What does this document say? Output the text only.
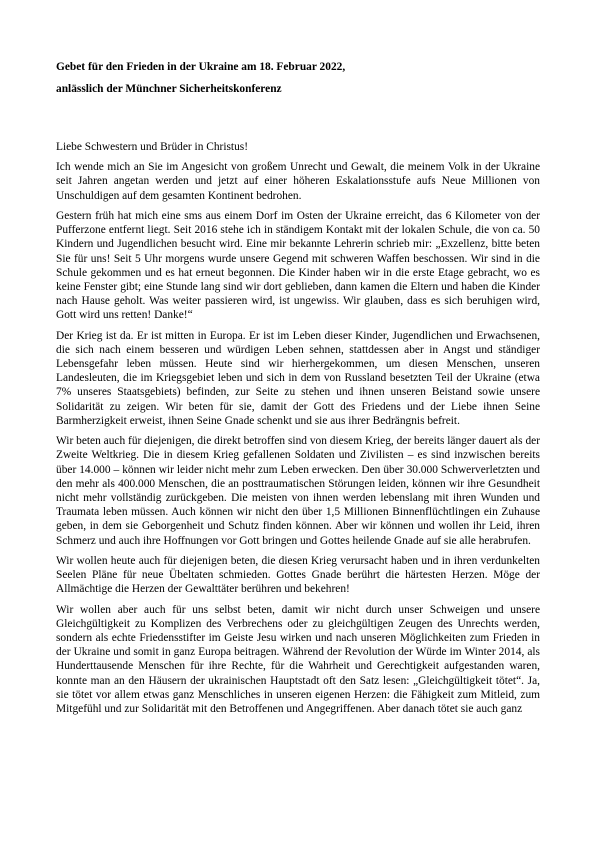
Gebet für den Frieden in der Ukraine am 18. Februar 2022,

anlässlich der Münchner Sicherheitskonferenz

Liebe Schwestern und Brüder in Christus!

Ich wende mich an Sie im Angesicht von großem Unrecht und Gewalt, die meinem Volk in der Ukraine seit Jahren angetan werden und jetzt auf einer höheren Eskalationsstufe aufs Neue Millionen von Unschuldigen auf dem gesamten Kontinent bedrohen.

Gestern früh hat mich eine sms aus einem Dorf im Osten der Ukraine erreicht, das 6 Kilometer von der Pufferzone entfernt liegt. Seit 2016 stehe ich in ständigem Kontakt mit der lokalen Schule, die von ca. 50 Kindern und Jugendlichen besucht wird. Eine mir bekannte Lehrerin schrieb mir: „Exzellenz, bitte beten Sie für uns! Seit 5 Uhr morgens wurde unsere Gegend mit schweren Waffen beschossen. Wir sind in die Schule gekommen und es hat erneut begonnen. Die Kinder haben wir in die erste Etage gebracht, wo es keine Fenster gibt; eine Stunde lang sind wir dort geblieben, dann kamen die Eltern und haben die Kinder nach Hause geholt. Was weiter passieren wird, ist ungewiss. Wir glauben, dass es sich beruhigen wird, Gott wird uns retten! Danke!“

Der Krieg ist da. Er ist mitten in Europa. Er ist im Leben dieser Kinder, Jugendlichen und Erwachsenen, die sich nach einem besseren und würdigen Leben sehnen, stattdessen aber in Angst und ständiger Lebensgefahr leben müssen. Heute sind wir hierhergekommen, um diesen Menschen, unseren Landesleuten, die im Kriegsgebiet leben und sich in dem von Russland besetzten Teil der Ukraine (etwa 7% unseres Staatsgebiets) befinden, zur Seite zu stehen und ihnen unseren Beistand sowie unsere Solidarität zu zeigen. Wir beten für sie, damit der Gott des Friedens und der Liebe ihnen Seine Barmherzigkeit erweist, ihnen Seine Gnade schenkt und sie aus ihrer Bedrängnis befreit.

Wir beten auch für diejenigen, die direkt betroffen sind von diesem Krieg, der bereits länger dauert als der Zweite Weltkrieg. Die in diesem Krieg gefallenen Soldaten und Zivilisten – es sind inzwischen bereits über 14.000 – können wir leider nicht mehr zum Leben erwecken. Den über 30.000 Schwerverletzten und den mehr als 400.000 Menschen, die an posttraumatischen Störungen leiden, können wir ihre Gesundheit nicht mehr vollständig zurückgeben. Die meisten von ihnen werden lebenslang mit ihren Wunden und Traumata leben müssen. Auch können wir nicht den über 1,5 Millionen Binnenflüchtlingen ein Zuhause geben, in dem sie Geborgenheit und Schutz finden können. Aber wir können und wollen ihr Leid, ihren Schmerz und auch ihre Hoffnungen vor Gott bringen und Gottes heilende Gnade auf sie alle herabrufen.

Wir wollen heute auch für diejenigen beten, die diesen Krieg verursacht haben und in ihren verdunkelten Seelen Pläne für neue Übeltaten schmieden. Gottes Gnade berührt die härtesten Herzen. Möge der Allmächtige die Herzen der Gewalttäter berühren und bekehren!

Wir wollen aber auch für uns selbst beten, damit wir nicht durch unser Schweigen und unsere Gleichgültigkeit zu Komplizen des Verbrechens oder zu gleichgültigen Zeugen des Unrechts werden, sondern als echte Friedensstifter im Geiste Jesu wirken und nach unseren Möglichkeiten zum Frieden in der Ukraine und somit in ganz Europa beitragen. Während der Revolution der Würde im Winter 2014, als Hunderttausende Menschen für ihre Rechte, für die Wahrheit und Gerechtigkeit aufgestanden waren, konnte man an den Häusern der ukrainischen Hauptstadt oft den Satz lesen: „Gleichgültigkeit tötet“. Ja, sie tötet vor allem etwas ganz Menschliches in unseren eigenen Herzen: die Fähigkeit zum Mitleid, zum Mitgefühl und zur Solidarität mit den Betroffenen und Angegriffenen. Aber danach tötet sie auch ganz
